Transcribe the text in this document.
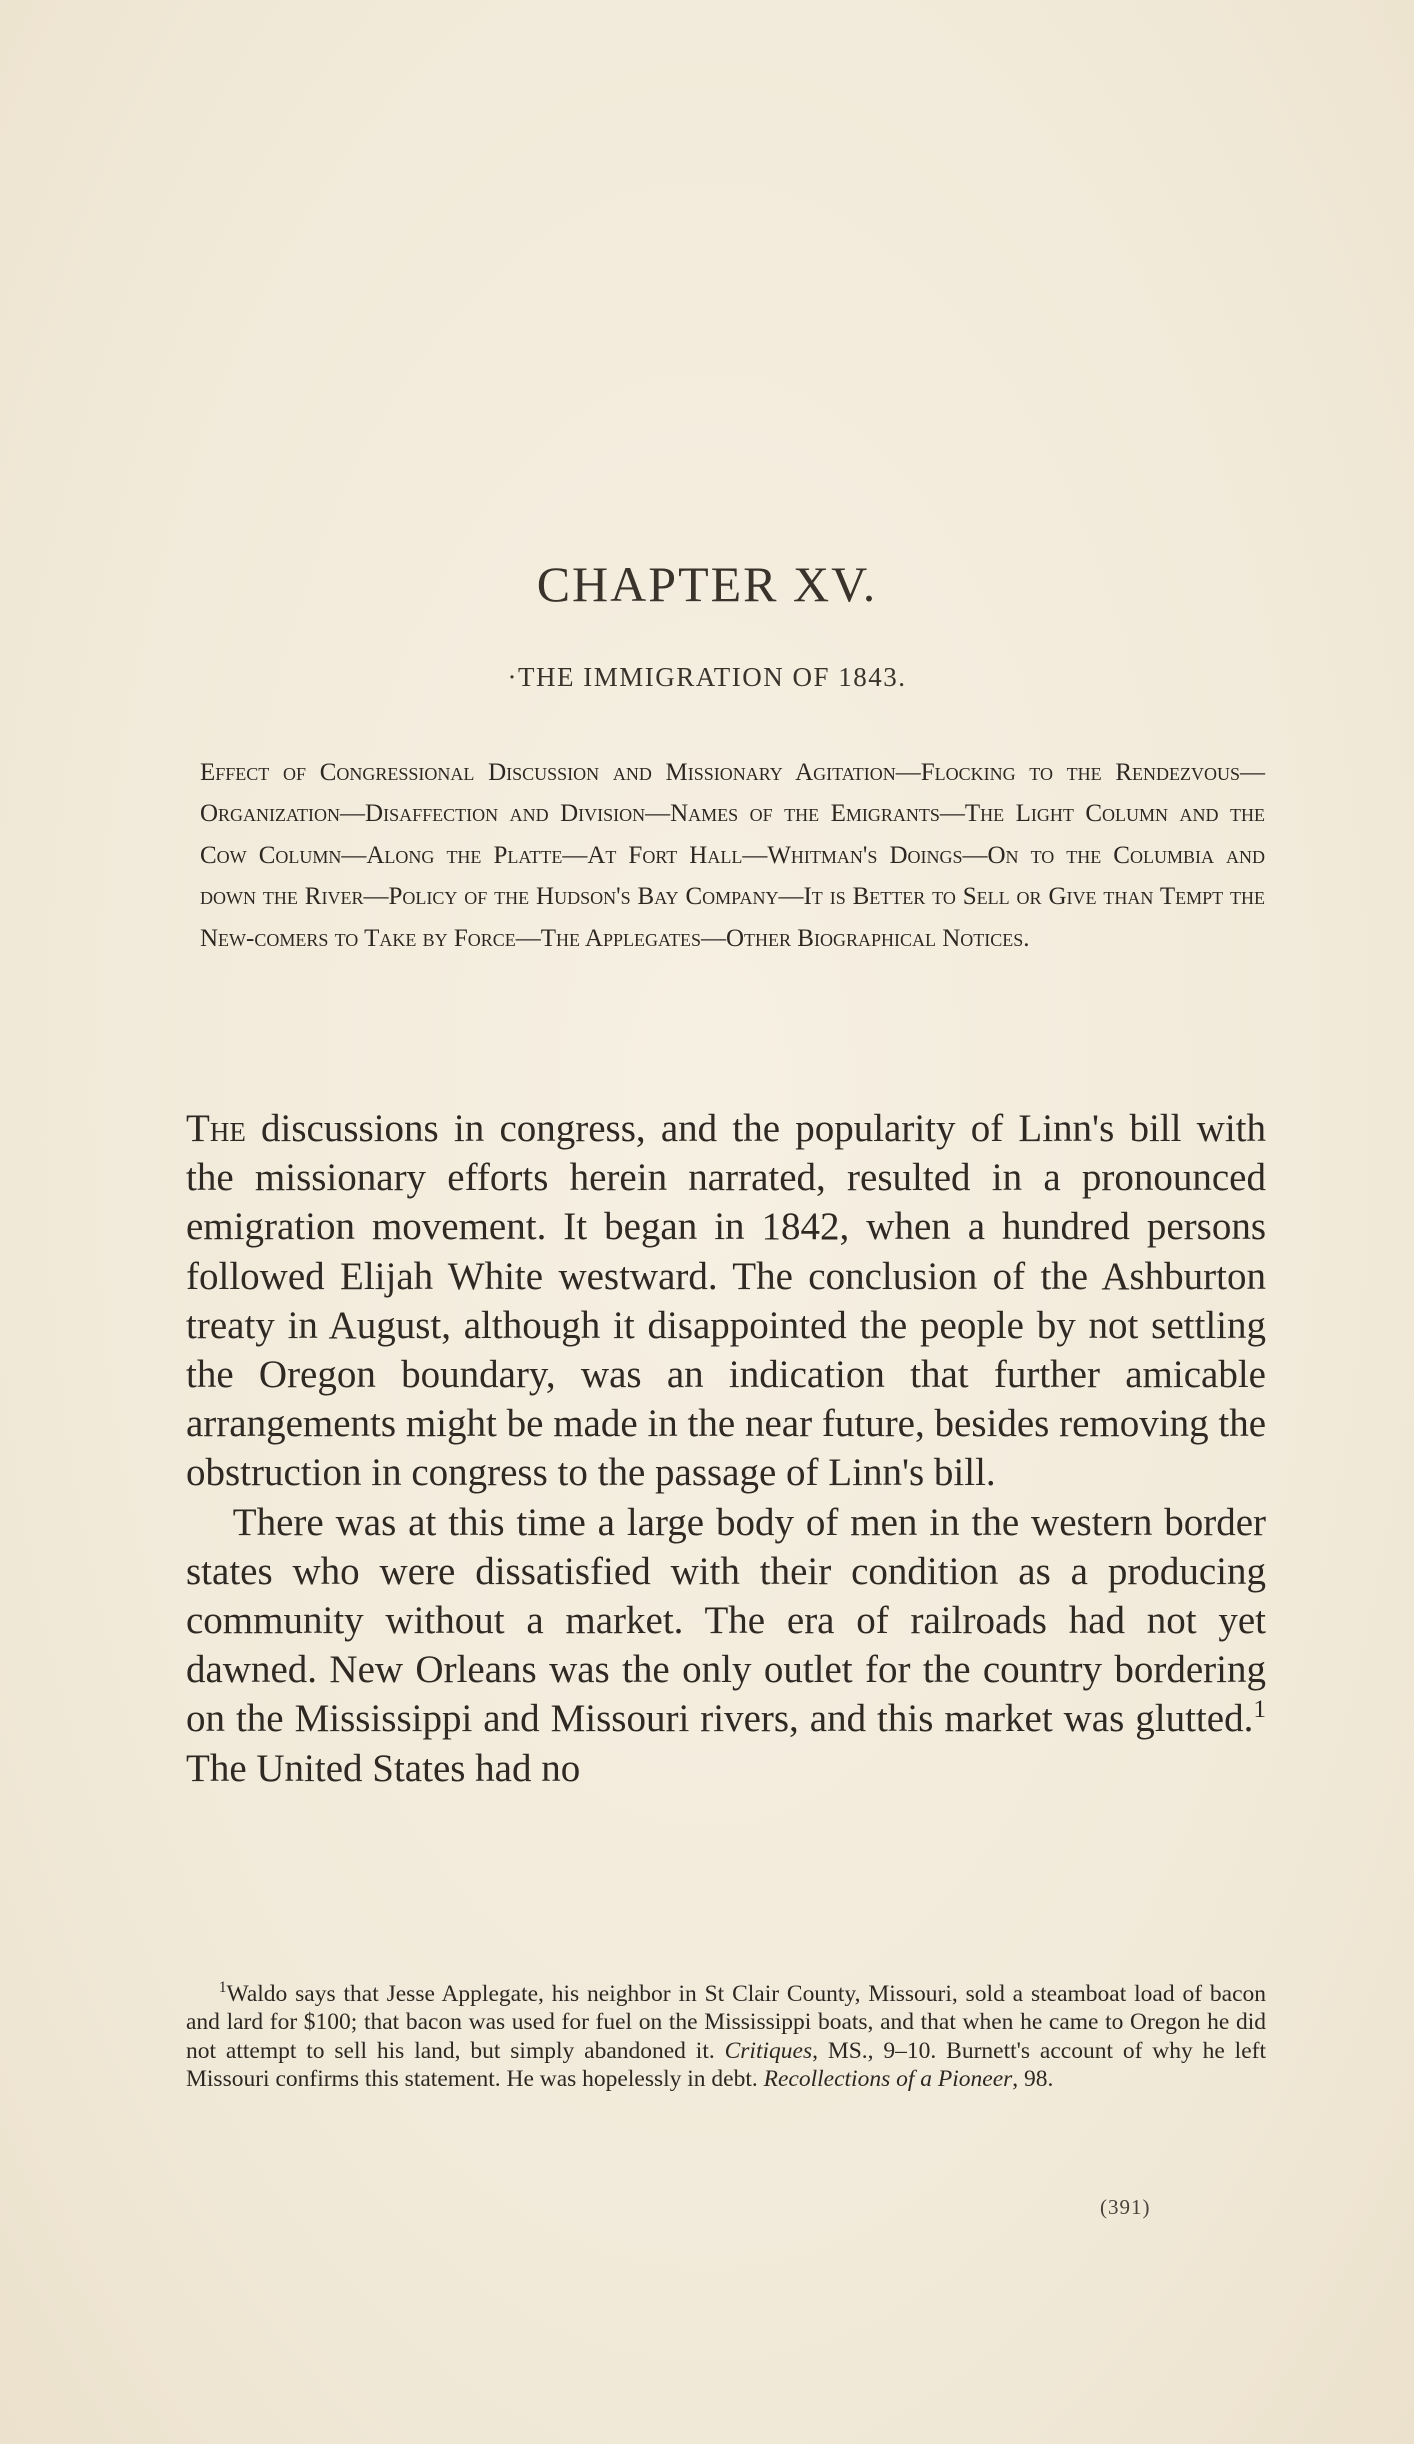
CHAPTER XV.
·THE IMMIGRATION OF 1843.
Effect of Congressional Discussion and Missionary Agitation—Flocking to the Rendezvous—Organization—Disaffection and Division—Names of the Emigrants—The Light Column and the Cow Column—Along the Platte—At Fort Hall—Whitman's Doings—On to the Columbia and down the River—Policy of the Hudson's Bay Company—It is Better to Sell or Give than Tempt the New-comers to Take by Force—The Applegates—Other Biographical Notices.

The discussions in congress, and the popularity of Linn's bill with the missionary efforts herein narrated, resulted in a pronounced emigration movement. It began in 1842, when a hundred persons followed Elijah White westward. The conclusion of the Ashburton treaty in August, although it disappointed the people by not settling the Oregon boundary, was an indication that further amicable arrangements might be made in the near future, besides removing the obstruction in congress to the passage of Linn's bill.

There was at this time a large body of men in the western border states who were dissatisfied with their condition as a producing community without a market. The era of railroads had not yet dawned. New Orleans was the only outlet for the country bordering on the Mississippi and Missouri rivers, and this market was glutted.$^1$ The United States had no

$^1$Waldo says that Jesse Applegate, his neighbor in St Clair County, Missouri, sold a steamboat load of bacon and lard for $100; that bacon was used for fuel on the Mississippi boats, and that when he came to Oregon he did not attempt to sell his land, but simply abandoned it. Critiques, MS., 9–10. Burnett's account of why he left Missouri confirms this statement. He was hopelessly in debt. Recollections of a Pioneer, 98.
(391)
